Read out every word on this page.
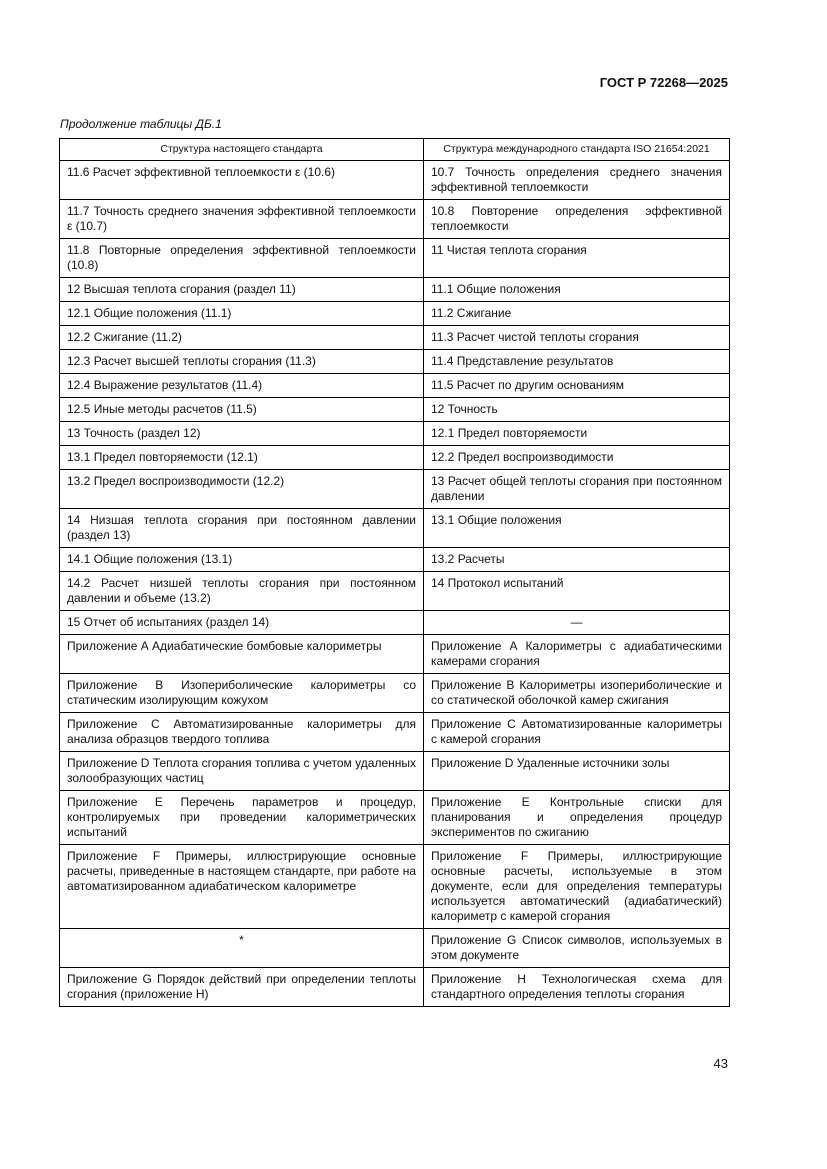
ГОСТ Р 72268—2025
Продолжение таблицы ДБ.1
Структура настоящего стандарта	Структура международного стандарта ISO 21654:2021

11.6 Расчет эффективной теплоемкости ε (10.6)	10.7 Точность определения среднего значения эффективной теплоемкости

11.7 Точность среднего значения эффективной теплоемкости ε (10.7)	10.8 Повторение определения эффективной теплоемкости

11.8 Повторные определения эффективной теплоемкости (10.8)	11 Чистая теплота сгорания

12 Высшая теплота сгорания (раздел 11)	11.1 Общие положения

12.1 Общие положения (11.1)	11.2 Сжигание

12.2 Сжигание (11.2)	11.3 Расчет чистой теплоты сгорания

12.3 Расчет высшей теплоты сгорания (11.3)	11.4 Представление результатов

12.4 Выражение результатов (11.4)	11.5 Расчет по другим основаниям

12.5 Иные методы расчетов (11.5)	12 Точность

13 Точность (раздел 12)	12.1 Предел повторяемости

13.1 Предел повторяемости (12.1)	12.2 Предел воспроизводимости

13.2 Предел воспроизводимости (12.2)	13 Расчет общей теплоты сгорания при постоянном давлении

14 Низшая теплота сгорания при постоянном давлении (раздел 13)	13.1 Общие положения

14.1 Общие положения (13.1)	13.2 Расчеты

14.2 Расчет низшей теплоты сгорания при постоянном давлении и объеме (13.2)	14 Протокол испытаний

15 Отчет об испытаниях (раздел 14)	—

Приложение А Адиабатические бомбовые калориметры	Приложение А Калориметры с адиабатическими камерами сгорания

Приложение В Изопериболические калориметры со статическим изолирующим кожухом	Приложение В Калориметры изопериболические и со статической оболочкой камер сжигания

Приложение С Автоматизированные калориметры для анализа образцов твердого топлива	Приложение С Автоматизированные калориметры с камерой сгорания

Приложение D Теплота сгорания топлива с учетом удаленных золообразующих частиц	Приложение D Удаленные источники золы

Приложение Е Перечень параметров и процедур, контролируемых при проведении калориметрических испытаний	Приложение Е Контрольные списки для планирования и определения процедур экспериментов по сжиганию

Приложение F Примеры, иллюстрирующие основные расчеты, приведенные в настоящем стандарте, при работе на автоматизированном адиабатическом калориметре	Приложение F Примеры, иллюстрирующие основные расчеты, используемые в этом документе, если для определения температуры используется автоматический (адиабатический) калориметр с камерой сгорания

*	Приложение G Список символов, используемых в этом документе

Приложение G Порядок действий при определении теплоты сгорания (приложение Н)	Приложение Н Технологическая схема для стандартного определения теплоты сгорания
43
